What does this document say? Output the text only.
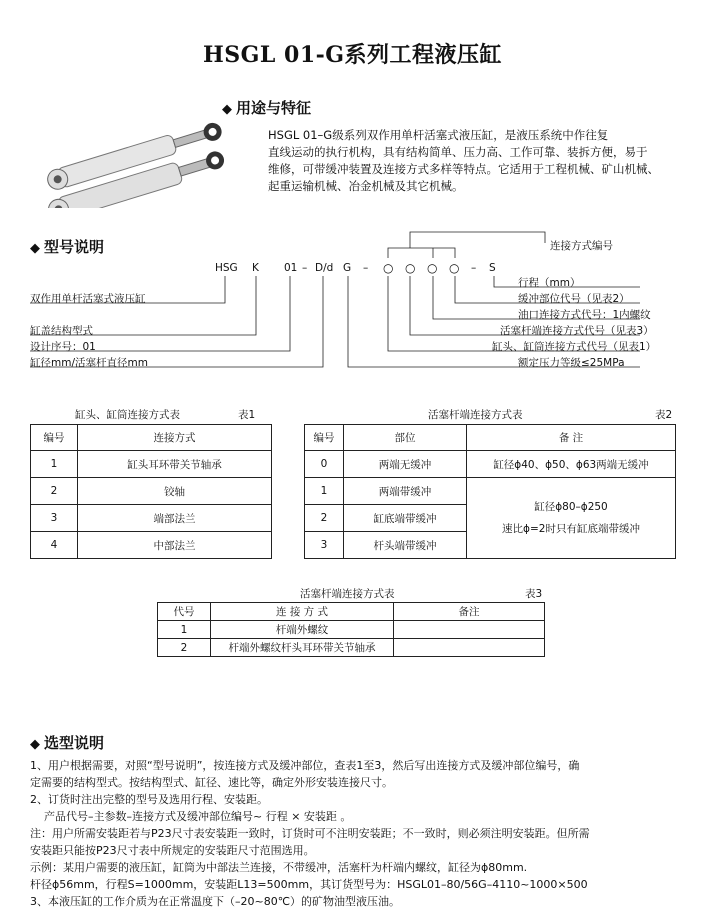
HSGL 01-G系列工程液压缸
◆ 用途与特征
HSGL 01–G级系列双作用单杆活塞式液压缸，是液压系统中作往复
直线运动的执行机构，具有结构简单、压力高、工作可靠、装拆方便，易于
维修，可带缓冲装置及连接方式多样等特点。它适用于工程机械、矿山机械、
起重运输机械、冶金机械及其它机械。
◆ 型号说明
HSG K 01 – D/d G – ○ ○ ○ ○ – S
连接方式编号
行程（mm）
缓冲部位代号（见表2）
油口连接方式代号：1内螺纹
活塞杆端连接方式代号（见表3）
缸头、缸筒连接方式代号（见表1）
额定压力等级≤25MPa
双作用单杆活塞式液压缸
缸盖结构型式
设计序号：01
缸径mm/活塞杆直径mm
缸头、缸筒连接方式表	表1
编号	连接方式
1	缸头耳环带关节轴承
2	铰轴
3	端部法兰
4	中部法兰
活塞杆端连接方式表	表2
编号	部位	备 注
0	两端无缓冲	缸径ϕ40、ϕ50、ϕ63两端无缓冲
1	两端带缓冲	缸径ϕ80–ϕ250
速比ϕ=2时只有缸底端带缓冲

2	缸底端带缓冲	
3	杆头端带缓冲	
活塞杆端连接方式表	表3
代号	连 接 方 式	备注
1	杆端外螺纹	
2	杆端外螺纹杆头耳环带关节轴承	
◆ 选型说明
1、用户根据需要，对照“型号说明”，按连接方式及缓冲部位，查表1至3，然后写出连接方式及缓冲部位编号，确
定需要的结构型式。按结构型式、缸径、速比等，确定外形安装连接尺寸。
2、订货时注出完整的型号及选用行程、安装距。
产品代号–主参数–连接方式及缓冲部位编号~ 行程 × 安装距 。
注：用户所需安装距若与P23尺寸表安装距一致时，订货时可不注明安装距；不一致时，则必须注明安装距。但所需
安装距只能按P23尺寸表中所规定的安装距尺寸范围选用。
示例：某用户需要的液压缸，缸筒为中部法兰连接，不带缓冲，活塞杆为杆端内螺纹，缸径为ϕ80mm.
杆径ϕ56mm，行程S=1000mm，安装距L13=500mm，其订货型号为：HSGL01–80/56G–4110~1000×500
3、本液压缸的工作介质为在正常温度下（–20~80℃）的矿物油型液压油。
